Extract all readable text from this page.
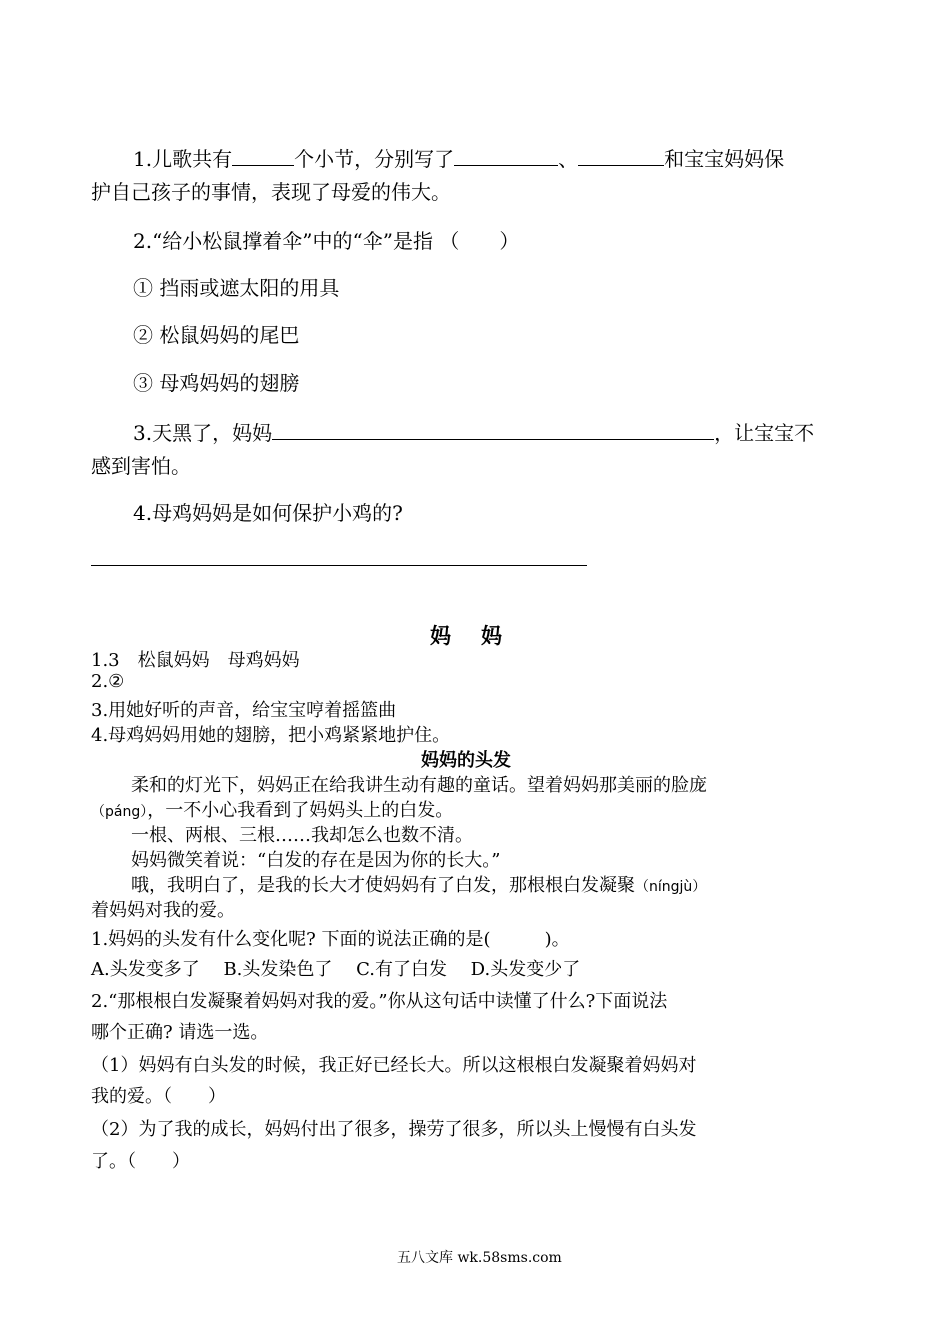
1.儿歌共有	个小节，分别写了	、	和宝宝妈妈保
护自己孩子的事情，表现了母爱的伟大。
2.“给小松鼠撑着伞”中的“伞”是指 （　　）
① 挡雨或遮太阳的用具
② 松鼠妈妈的尾巴
③ 母鸡妈妈的翅膀
3.天黑了，妈妈	，让宝宝不
感到害怕。
4.母鸡妈妈是如何保护小鸡的?
妈妈
1.3　松鼠妈妈　母鸡妈妈
2.②
3.用她好听的声音，给宝宝哼着摇篮曲
4.母鸡妈妈用她的翅膀，把小鸡紧紧地护住。
妈妈的头发
柔和的灯光下，妈妈正在给我讲生动有趣的童话。望着妈妈那美丽的脸庞
（páng），一不小心我看到了妈妈头上的白发。
一根、两根、三根……我却怎么也数不清。
妈妈微笑着说：“白发的存在是因为你的长大。”
哦，我明白了，是我的长大才使妈妈有了白发，那根根白发凝聚（níngjù）
着妈妈对我的爱。
1.妈妈的头发有什么变化呢? 下面的说法正确的是(　　　)。
A.头发变多了　 B.头发染色了　 C.有了白发　 D.头发变少了
2.“那根根白发凝聚着妈妈对我的爱。”你从这句话中读懂了什么?下面说法
哪个正确? 请选一选。
（1）妈妈有白头发的时候，我正好已经长大。所以这根根白发凝聚着妈妈对
我的爱。（　　）
（2）为了我的成长，妈妈付出了很多，操劳了很多，所以头上慢慢有白头发
了。（　　）
五八文库 wk.58sms.com
